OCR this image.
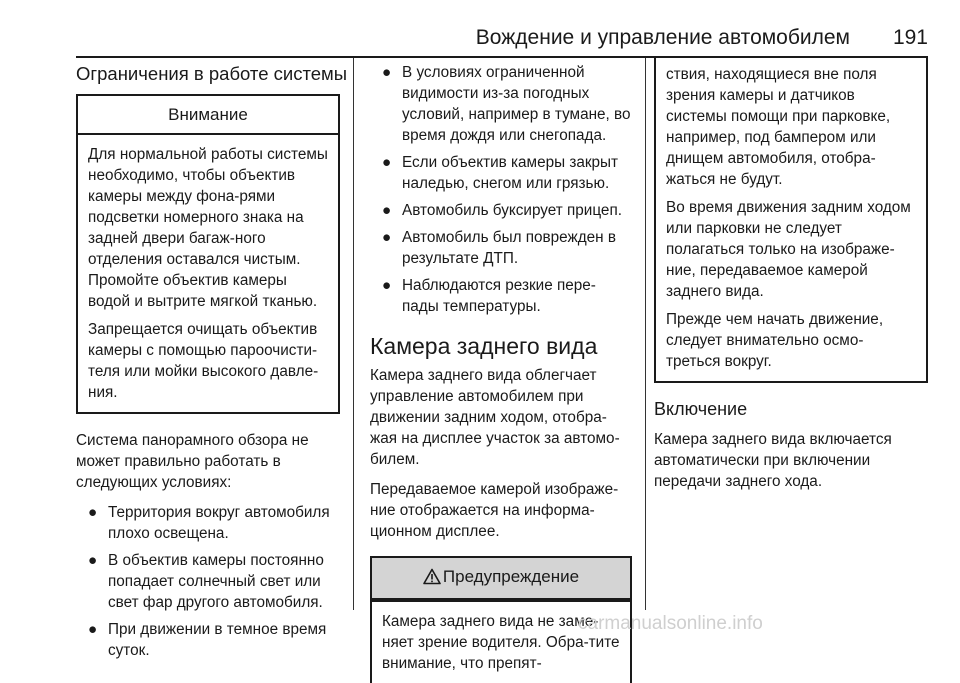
Вождение и управление автомобилем	191
Ограничения в работе системы
Внимание

Для нормальной работы системы необходимо, чтобы объектив камеры между фона-рями подсветки номерного знака на задней двери багаж-ного отделения оставался чистым. Промойте объектив камеры водой и вытрите мягкой тканью.

Запрещается очищать объектив камеры с помощью пароочисти-теля или мойки высокого давле-ния.

Система панорамного обзора не может правильно работать в следующих условиях:

● Территория вокруг автомобиля плохо освещена.
● В объектив камеры постоянно попадает солнечный свет или свет фар другого автомобиля.
● При движении в темное время суток.
● В условиях ограниченной видимости из-за погодных условий, например в тумане, во время дождя или снегопада.
● Если объектив камеры закрыт наледью, снегом или грязью.
● Автомобиль буксирует прицеп.
● Автомобиль был поврежден в результате ДТП.
● Наблюдаются резкие пере-пады температуры.
Камера заднего вида

Камера заднего вида облегчает управление автомобилем при движении задним ходом, отобра-жая на дисплее участок за автомо-билем.

Передаваемое камерой изображе-ние отображается на информа-ционном дисплее.

Предупреждение

Камера заднего вида не заме-няет зрение водителя. Обра-тите внимание, что препят-

ствия, находящиеся вне поля зрения камеры и датчиков системы помощи при парковке, например, под бампером или днищем автомобиля, отобра-жаться не будут.

Во время движения задним ходом или парковки не следует полагаться только на изображе-ние, передаваемое камерой заднего вида.

Прежде чем начать движение, следует внимательно осмо-треться вокруг.

Включение

Камера заднего вида включается автоматически при включении передачи заднего хода.

carmanualsonline.info
